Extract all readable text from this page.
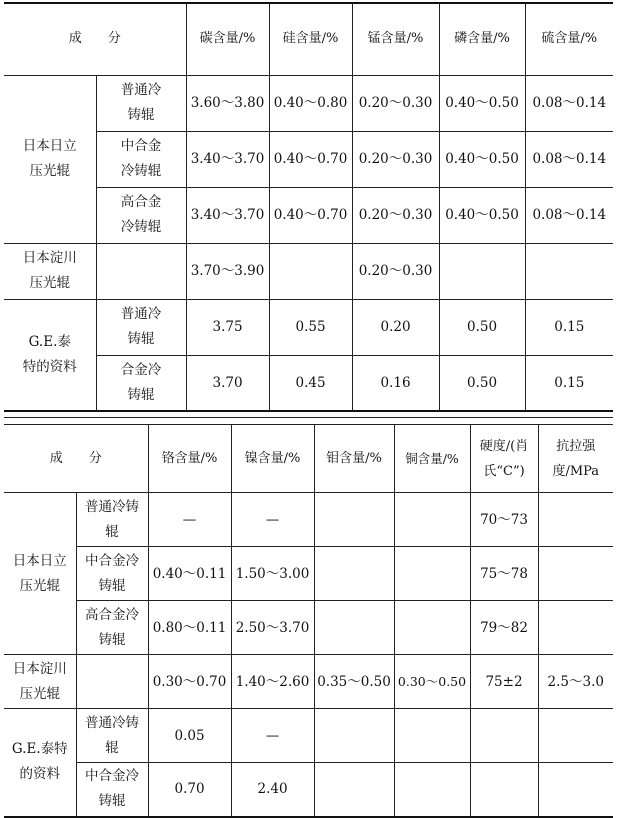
成　　分		碳含量/%	硅含量/%	锰含量/%	磷含量/%	硫含量/%
日本日立压光辊	普通冷铸辊	3.60～3.80	0.40～0.80	0.20～0.30	0.40～0.50	0.08～0.14
	中合金冷铸辊	3.40～3.70	0.40～0.70	0.20～0.30	0.40～0.50	0.08～0.14
	高合金冷铸辊	3.40～3.70	0.40～0.70	0.20～0.30	0.40～0.50	0.08～0.14
日本淀川压光辊		3.70～3.90		0.20～0.30		
G.E.泰特的资料	普通冷铸辊	3.75	0.55	0.20	0.50	0.15
	合金冷铸辊	3.70	0.45	0.16	0.50	0.15
成　　分		铬含量/%	镍含量/%	钼含量/%	铜含量/%	硬度/(肖氏“C”)	抗拉强度/MPa
日本日立压光辊	普通冷铸辊	—	—			70～73	
	中合金冷铸辊	0.40～0.11	1.50～3.00			75～78	
	高合金冷铸辊	0.80～0.11	2.50～3.70			79～82	
日本淀川压光辊		0.30～0.70	1.40～2.60	0.35～0.50	0.30～0.50	75±2	2.5～3.0
G.E.泰特的资料	普通冷铸辊	0.05	—				
	中合金冷铸辊	0.70	2.40				
